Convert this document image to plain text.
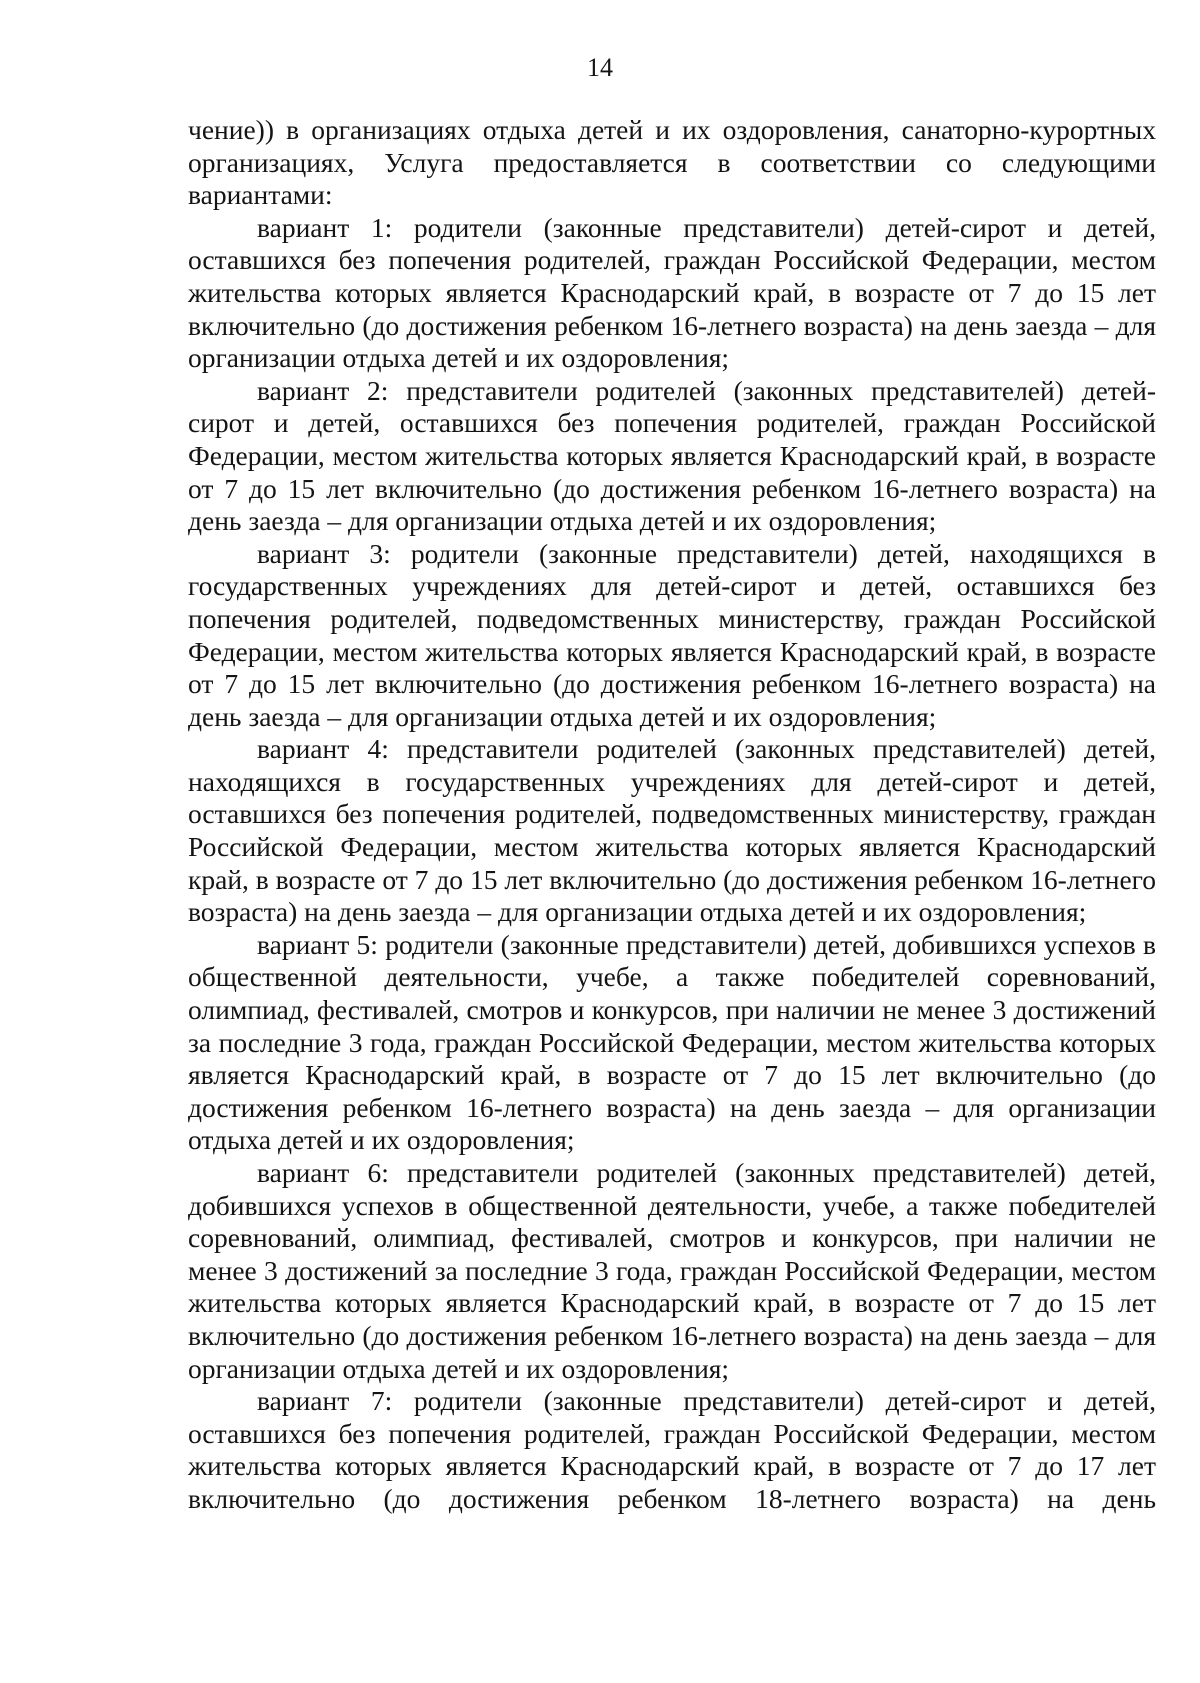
14

чение)) в организациях отдыха детей и их оздоровления, санаторно-курортных организациях, Услуга предоставляется в соответствии со следующими вариантами:

вариант 1: родители (законные представители) детей-сирот и детей, оставшихся без попечения родителей, граждан Российской Федерации, местом жительства которых является Краснодарский край, в возрасте от 7 до 15 лет включительно (до достижения ребенком 16-летнего возраста) на день заезда – для организации отдыха детей и их оздоровления;

вариант 2: представители родителей (законных представителей) детей-сирот и детей, оставшихся без попечения родителей, граждан Российской Федерации, местом жительства которых является Краснодарский край, в возрасте от 7 до 15 лет включительно (до достижения ребенком 16-летнего возраста) на день заезда – для организации отдыха детей и их оздоровления;

вариант 3: родители (законные представители) детей, находящихся в государственных учреждениях для детей-сирот и детей, оставшихся без попечения родителей, подведомственных министерству, граждан Российской Федерации, местом жительства которых является Краснодарский край, в возрасте от 7 до 15 лет включительно (до достижения ребенком 16-летнего возраста) на день заезда – для организации отдыха детей и их оздоровления;

вариант 4: представители родителей (законных представителей) детей, находящихся в государственных учреждениях для детей-сирот и детей, оставшихся без попечения родителей, подведомственных министерству, граждан Российской Федерации, местом жительства которых является Краснодарский край, в возрасте от 7 до 15 лет включительно (до достижения ребенком 16-летнего возраста) на день заезда – для организации отдыха детей и их оздоровления;

вариант 5: родители (законные представители) детей, добившихся успехов в общественной деятельности, учебе, а также победителей соревнований, олимпиад, фестивалей, смотров и конкурсов, при наличии не менее 3 достижений за последние 3 года, граждан Российской Федерации, местом жительства которых является Краснодарский край, в возрасте от 7 до 15 лет включительно (до достижения ребенком 16-летнего возраста) на день заезда – для организации отдыха детей и их оздоровления;

вариант 6: представители родителей (законных представителей) детей, добившихся успехов в общественной деятельности, учебе, а также победителей соревнований, олимпиад, фестивалей, смотров и конкурсов, при наличии не менее 3 достижений за последние 3 года, граждан Российской Федерации, местом жительства которых является Краснодарский край, в возрасте от 7 до 15 лет включительно (до достижения ребенком 16-летнего возраста) на день заезда – для организации отдыха детей и их оздоровления;

вариант 7: родители (законные представители) детей-сирот и детей, оставшихся без попечения родителей, граждан Российской Федерации, местом жительства которых является Краснодарский край, в возрасте от 7 до 17 лет включительно (до достижения ребенком 18-летнего возраста) на день
